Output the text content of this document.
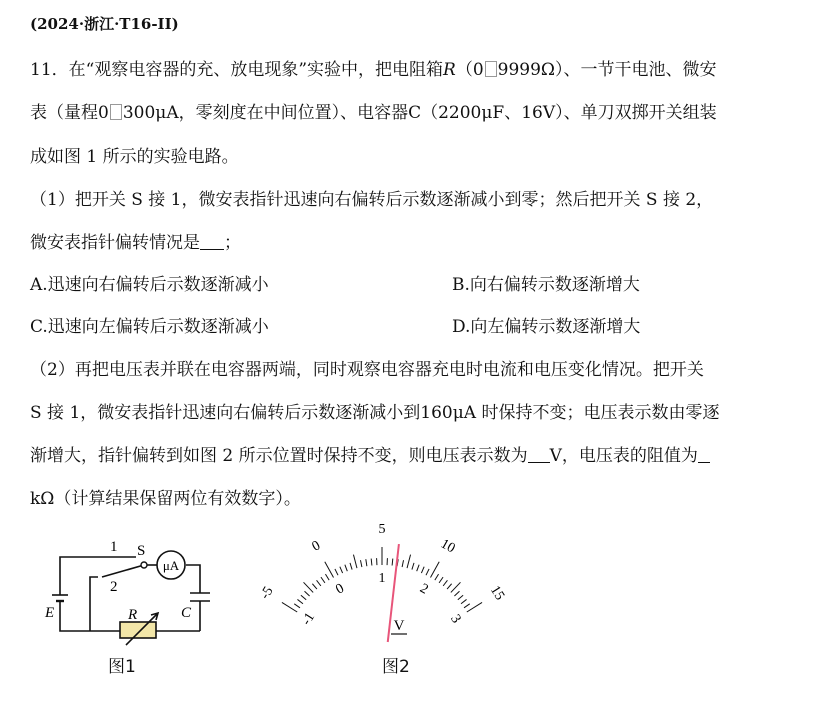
(2024·浙江·T16-II)
11．在“观察电容器的充、放电现象”实验中，把电阻箱R（0 9999Ω）、一节干电池、微安
表（量程0 300μA，零刻度在中间位置）、电容器C（2200μF、16V）、单刀双掷开关组装
成如图 1 所示的实验电路。
（1）把开关 S 接 1，微安表指针迅速向右偏转后示数逐渐减小到零；然后把开关 S 接 2，
微安表指针偏转情况是 ；
A.迅速向右偏转后示数逐渐减小	B.向右偏转示数逐渐增大
C.迅速向左偏转后示数逐渐减小	D.向左偏转示数逐渐增大
（2）再把电压表并联在电容器两端，同时观察电容器充电时电流和电压变化情况。把开关
S 接 1，微安表指针迅速向右偏转后示数逐渐减小到160μA 时保持不变；电压表示数由零逐
渐增大，指针偏转到如图 2 所示位置时保持不变，则电压表示数为 V，电压表的阻值为
kΩ（计算结果保留两位有效数字）。
1
2
S
μA
E	R	C
图1
-5
0
5
10
15
-1
0
1
2
3
V
图2
